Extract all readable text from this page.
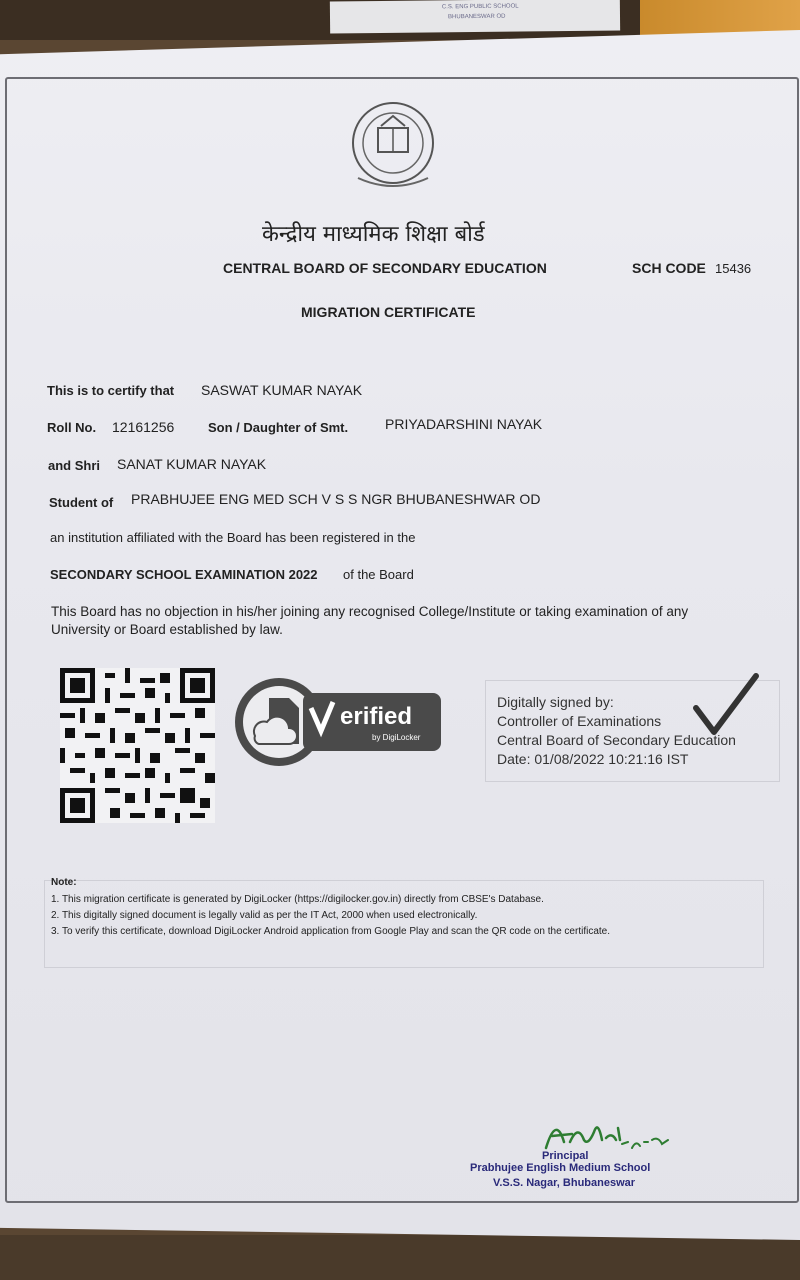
C.S. ENG PUBLIC SCHOOL
BHUBANESWAR OD
केन्द्रीय माध्यमिक शिक्षा बोर्ड
CENTRAL BOARD OF SECONDARY EDUCATION	SCH CODE 15436
MIGRATION CERTIFICATE
This is to certify that SASWAT KUMAR NAYAK
Roll No. 12161256	Son / Daughter of Smt.	PRIYADARSHINI NAYAK
and Shri SANAT KUMAR NAYAK
Student of PRABHUJEE ENG MED SCH V S S NGR BHUBANESHWAR OD
an institution affiliated with the Board has been registered in the
SECONDARY SCHOOL EXAMINATION 2022 of the Board
This Board has no objection in his/her joining any recognised College/Institute or taking examination of any
University or Board established by law.
erified
by DigiLocker
Digitally signed by:
Controller of Examinations
Central Board of Secondary Education
Date: 01/08/2022 10:21:16 IST
Note:
1. This migration certificate is generated by DigiLocker (https://digilocker.gov.in) directly from CBSE's Database.
2. This digitally signed document is legally valid as per the IT Act, 2000 when used electronically.
3. To verify this certificate, download DigiLocker Android application from Google Play and scan the QR code on the certificate.
Principal
Prabhujee English Medium School
V.S.S. Nagar, Bhubaneswar
